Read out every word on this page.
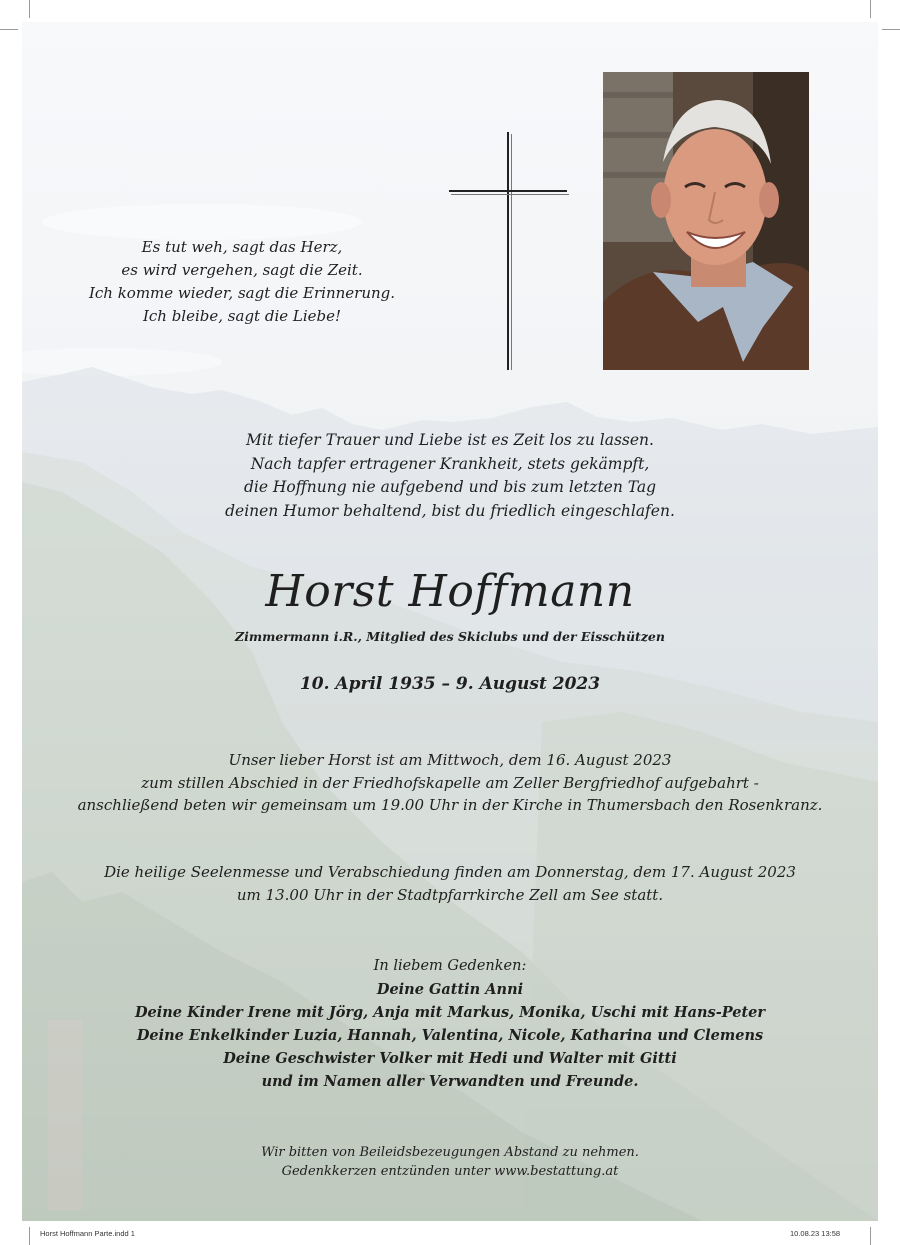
Es tut weh, sagt das Herz,
es wird vergehen, sagt die Zeit.
Ich komme wieder, sagt die Erinnerung.
Ich bleibe, sagt die Liebe!
Mit tiefer Trauer und Liebe ist es Zeit los zu lassen.
Nach tapfer ertragener Krankheit, stets gekämpft,
die Hoffnung nie aufgebend und bis zum letzten Tag
deinen Humor behaltend, bist du friedlich eingeschlafen.
Horst Hoffmann
Zimmermann i.R., Mitglied des Skiclubs und der Eisschützen
10. April 1935 – 9. August 2023
Unser lieber Horst ist am Mittwoch, dem 16. August 2023
zum stillen Abschied in der Friedhofskapelle am Zeller Bergfriedhof aufgebahrt -
anschließend beten wir gemeinsam um 19.00 Uhr in der Kirche in Thumersbach den Rosenkranz.
Die heilige Seelenmesse und Verabschiedung finden am Donnerstag, dem 17. August 2023
um 13.00 Uhr in der Stadtpfarrkirche Zell am See statt.
In liebem Gedenken:
Deine Gattin Anni
Deine Kinder Irene mit Jörg, Anja mit Markus, Monika, Uschi mit Hans-Peter
Deine Enkelkinder Luzia, Hannah, Valentina, Nicole, Katharina und Clemens
Deine Geschwister Volker mit Hedi und Walter mit Gitti
und im Namen aller Verwandten und Freunde.
Wir bitten von Beileidsbezeugungen Abstand zu nehmen.
Gedenkkerzen entzünden unter www.bestattung.at
Horst Hoffmann Parte.indd 1	10.08.23 13:58
